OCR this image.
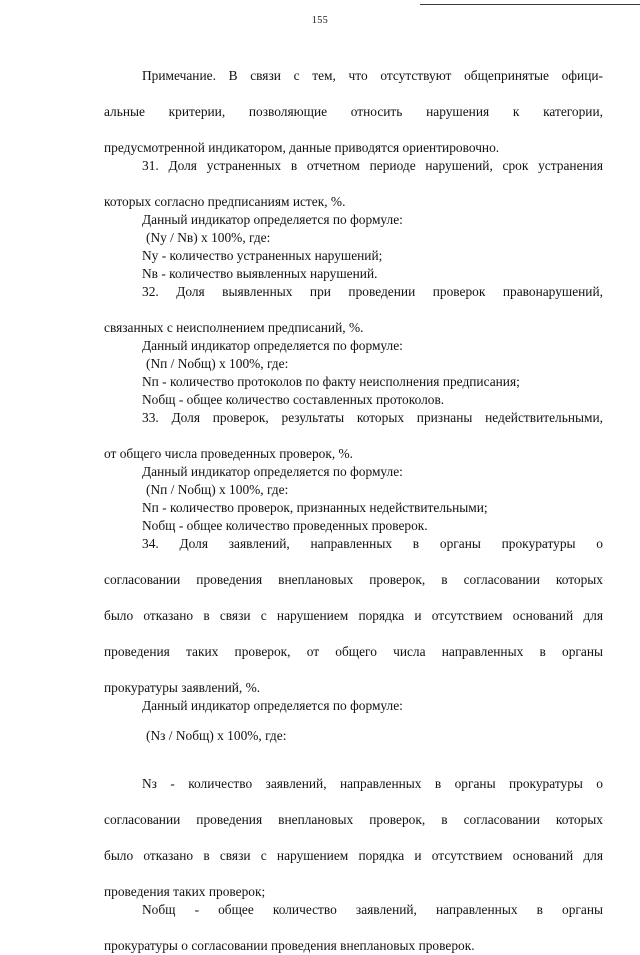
155

Примечание. В связи с тем, что отсутствуют общепринятые офици-

альные критерии, позволяющие относить нарушения к категории,

предусмотренной индикатором, данные приводятся ориентировочно.

31. Доля устраненных в отчетном периоде нарушений, срок устранения

которых согласно предписаниям истек, %.

Данный индикатор определяется по формуле:

(Nу / Nв) x 100%, где:

Nу - количество устраненных нарушений;

Nв - количество выявленных нарушений.

32. Доля выявленных при проведении проверок правонарушений,

связанных с неисполнением предписаний, %.

Данный индикатор определяется по формуле:

(Nп / Nобщ) x 100%, где:

Nп - количество протоколов по факту неисполнения предписания;

Nобщ - общее количество составленных протоколов.

33. Доля проверок, результаты которых признаны недействительными,

от общего числа проведенных проверок, %.

Данный индикатор определяется по формуле:

(Nп / Nобщ) x 100%, где:

Nп - количество проверок, признанных недействительными;

Nобщ - общее количество проведенных проверок.

34. Доля заявлений, направленных в органы прокуратуры о

согласовании проведения внеплановых проверок, в согласовании которых

было отказано в связи с нарушением порядка и отсутствием оснований для

проведения таких проверок, от общего числа направленных в органы

прокуратуры заявлений, %.

Данный индикатор определяется по формуле:

(Nз / Nобщ) x 100%, где:

Nз - количество заявлений, направленных в органы прокуратуры о

согласовании проведения внеплановых проверок, в согласовании которых

было отказано в связи с нарушением порядка и отсутствием оснований для

проведения таких проверок;

Nобщ - общее количество заявлений, направленных в органы

прокуратуры о согласовании проведения внеплановых проверок.
